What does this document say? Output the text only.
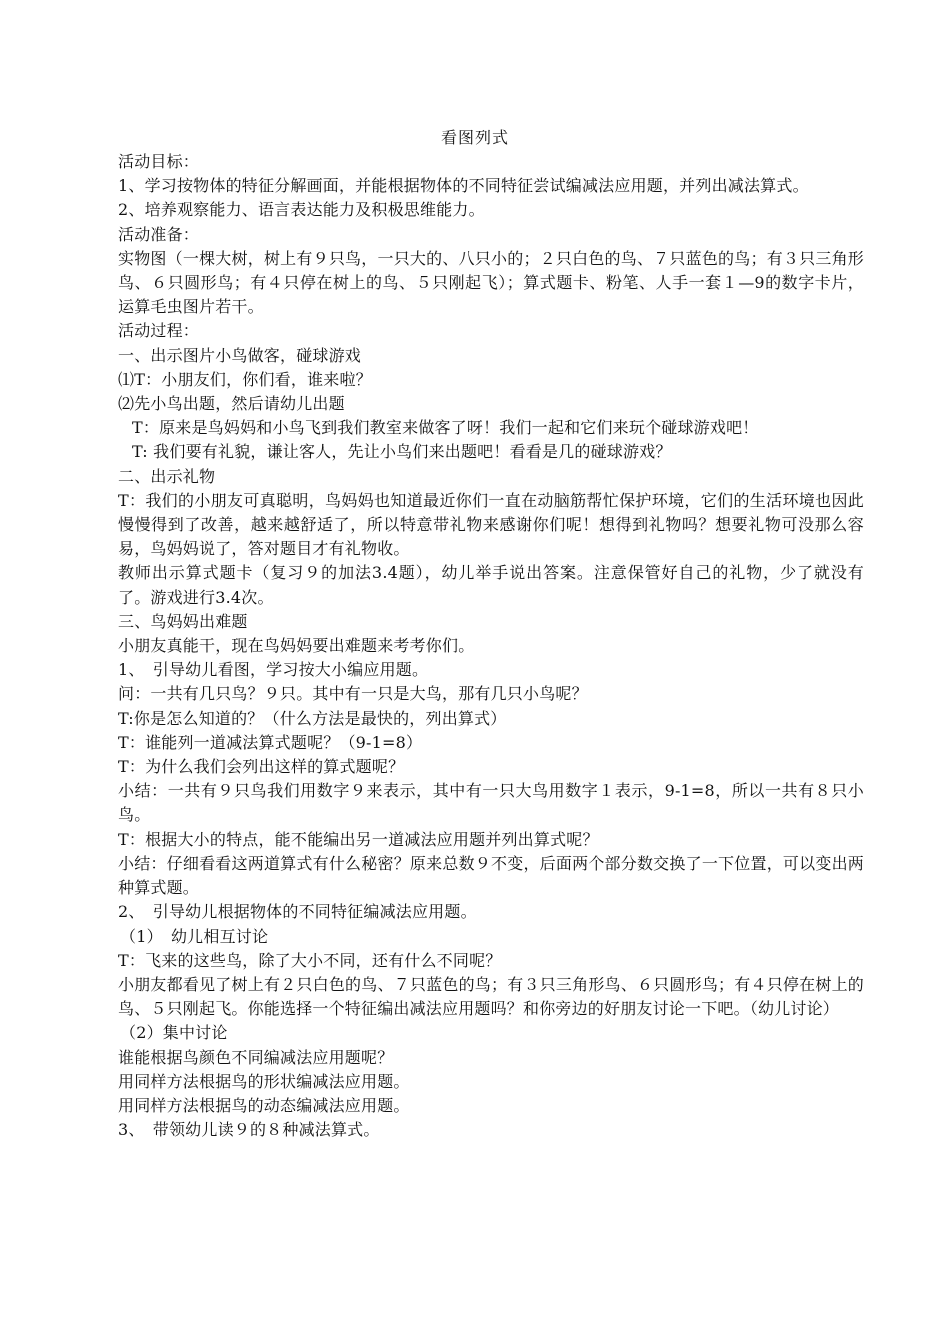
看图列式

活动目标：

1、学习按物体的特征分解画面，并能根据物体的不同特征尝试编减法应用题，并列出减法算式。

2、培养观察能力、语言表达能力及积极思维能力。

活动准备：

实物图（一棵大树，树上有９只鸟，一只大的、八只小的；２只白色的鸟、７只蓝色的鸟；有３只三角形鸟、６只圆形鸟；有４只停在树上的鸟、５只刚起飞）；算式题卡、粉笔、人手一套１—9的数字卡片，运算毛虫图片若干。

活动过程：

一、出示图片小鸟做客，碰球游戏

⑴T：小朋友们，你们看，谁来啦？

⑵先小鸟出题，然后请幼儿出题

T：原来是鸟妈妈和小鸟飞到我们教室来做客了呀！我们一起和它们来玩个碰球游戏吧！

T: 我们要有礼貌，谦让客人，先让小鸟们来出题吧！看看是几的碰球游戏？

二、出示礼物

T：我们的小朋友可真聪明，鸟妈妈也知道最近你们一直在动脑筋帮忙保护环境，它们的生活环境也因此慢慢得到了改善，越来越舒适了，所以特意带礼物来感谢你们呢！想得到礼物吗？想要礼物可没那么容易，鸟妈妈说了，答对题目才有礼物收。

教师出示算式题卡（复习９的加法3.4题），幼儿举手说出答案。注意保管好自己的礼物，少了就没有了。游戏进行3.4次。

三、鸟妈妈出难题

小朋友真能干，现在鸟妈妈要出难题来考考你们。

1、　引导幼儿看图，学习按大小编应用题。

问：一共有几只鸟？９只。其中有一只是大鸟，那有几只小鸟呢？

T:你是怎么知道的？（什么方法是最快的，列出算式）

T：谁能列一道减法算式题呢？（9-1=8）

T：为什么我们会列出这样的算式题呢？

小结：一共有９只鸟我们用数字９来表示，其中有一只大鸟用数字１表示，9-1=8，所以一共有８只小鸟。

T：根据大小的特点，能不能编出另一道减法应用题并列出算式呢？

小结：仔细看看这两道算式有什么秘密？原来总数９不变，后面两个部分数交换了一下位置，可以变出两种算式题。

2、　引导幼儿根据物体的不同特征编减法应用题。

（1）　幼儿相互讨论

T：飞来的这些鸟，除了大小不同，还有什么不同呢？

小朋友都看见了树上有２只白色的鸟、７只蓝色的鸟；有３只三角形鸟、６只圆形鸟；有４只停在树上的鸟、５只刚起飞。你能选择一个特征编出减法应用题吗？和你旁边的好朋友讨论一下吧。（幼儿讨论）

（2）集中讨论

谁能根据鸟颜色不同编减法应用题呢？

用同样方法根据鸟的形状编减法应用题。

用同样方法根据鸟的动态编减法应用题。

3、　带领幼儿读９的８种减法算式。
